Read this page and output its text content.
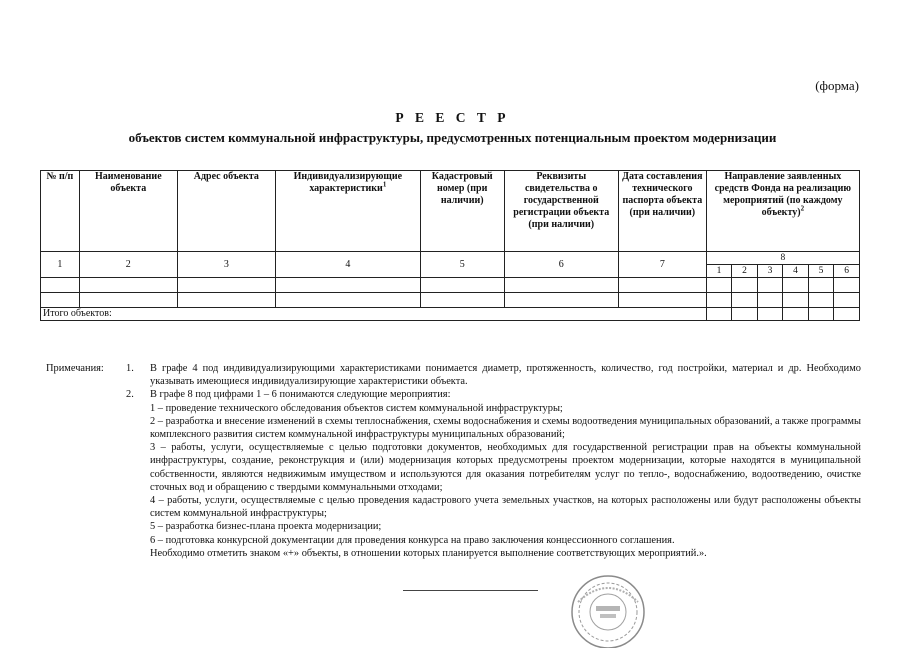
(форма)
Р Е Е С Т Р
объектов систем коммунальной инфраструктуры, предусмотренных потенциальным проектом модернизации
№ п/п	Наименование объекта	Адрес объекта	Индивидуализирующие характеристики$^1$	Кадастровый номер (при наличии)	Реквизиты свидетельства о государственной регистрации объекта (при наличии)	Дата составления технического паспорта объекта (при наличии)	Направление заявленных средств Фонда на реализацию мероприятий (по каждому объекту)$^2$
1	2	3	4	5	6	7	8					
							1	2	3	4	5	6

Итого объектов:												
Примечания: 1. В графе 4 под индивидуализирующими характеристиками понимается диаметр, протяженность, количество, год постройки, материал и др. Необходимо указывать имеющиеся индивидуализирующие характеристики объекта.

2. В графе 8 под цифрами 1 – 6 понимаются следующие мероприятия:

1 – проведение технического обследования объектов систем коммунальной инфраструктуры;

2 – разработка и внесение изменений в схемы теплоснабжения, схемы водоснабжения и схемы водоотведения муниципальных образований, а также программы комплексного развития систем коммунальной инфраструктуры муниципальных образований;

3 – работы, услуги, осуществляемые с целью подготовки документов, необходимых для государственной регистрации прав на объекты коммунальной инфраструктуры, создание, реконструкция и (или) модернизация которых предусмотрены проектом модернизации, которые находятся в муниципальной собственности, являются недвижимым имуществом и используются для оказания потребителям услуг по тепло-, водоснабжению, водоотведению, очистке сточных вод и обращению с твердыми коммунальными отходами;

4 – работы, услуги, осуществляемые с целью проведения кадастрового учета земельных участков, на которых расположены или будут расположены объекты систем коммунальной инфраструктуры;

5 – разработка бизнес-плана проекта модернизации;

6 – подготовка конкурсной документации для проведения конкурса на право заключения концессионного соглашения.

Необходимо отметить знаком «+» объекты, в отношении которых планируется выполнение соответствующих мероприятий.».
